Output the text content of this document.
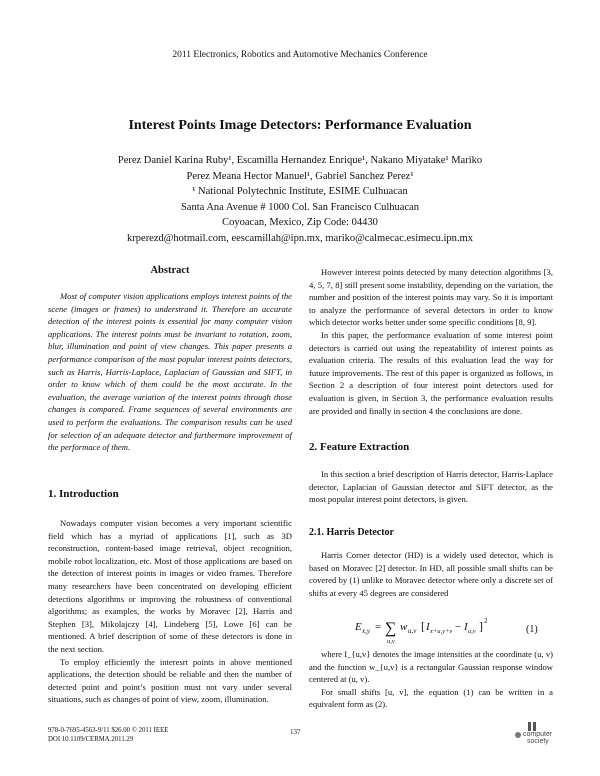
2011 Electronics, Robotics and Automotive Mechanics Conference
Interest Points Image Detectors: Performance Evaluation
Perez Daniel Karina Ruby¹, Escamilla Hernandez Enrique¹, Nakano Miyatake¹ Mariko
Perez Meana Hector Manuel¹, Gabriel Sanchez Perez¹
¹ National Polytechnic Institute, ESIME Culhuacan
Santa Ana Avenue # 1000 Col. San Francisco Culhuacan
Coyoacan, Mexico, Zip Code: 04430
krperezd@hotmail.com, eescamillah@ipn.mx, mariko@calmecac.esimecu.ipn.mx
Abstract

Most of computer vision applications employs interest points of the scene (images or frames) to understrand it. Therefore an accurate detection of the interest points is essential for many computer vision applications. The interest points must be invariant to rotation, zoom, blur, illumination and point of view changes. This paper presents a performance comparison of the most popular interest points detectors, such as Harris, Harris-Laplace, Laplacian of Gaussian and SIFT, in order to know which of them could be the most accurate. In the evaluation, the average variation of the interest points through those changes is compared. Frame sequences of several environments are used to perform the evaluations. The comparison results can be used for selection of an adequate detector and furthermore improvement of the performace of them.

1. Introduction

Nowadays computer vision becomes a very important scientific field which has a myriad of applications [1], such as 3D reconstruction, content-based image retrieval, object recognition, mobile robot localization, etc. Most of those applications are based on the detection of interest points in images or video frames. Therefore many researchers have been concentrated on developing efficient detections algorithms or improving the robustness of conventional algorithms; as examples, the works by Moravec [2], Harris and Stephen [3], Mikolajczy [4], Lindeberg [5], Lowe [6] can be mentioned. A brief description of some of these detectors is done in the next section.

To employ efficiently the interesrt points in above mentioned applications, the detection should be reliable and then the number of detected point and point’s position must not vary under several situations, such as changes of point of view, zoom, illumination.

However interest points detected by many detection algorithms [3, 4, 5, 7, 8] still present some instability, depending on the variation, the number and position of the interest points may vary. So it is important to analyze the performance of several detectors in order to know which detector works better under some specific conditions [8, 9].

In this paper, the performance evaluation of some interest point detectors is carried out using the repeatability of interest points as evaluation criteria. The results of this evaluation lead the way for future improvements. The rest of this paper is organized as follows, in Section 2 a description of four interest point detectors used for evaluation is given, in Section 3, the performance evaluation results are provided and finally in section 4 the conclusions are done.

2. Feature Extraction

In this section a brief description of Harris detector, Harris-Laplace detector, Laplacian of Gaussian detector and SIFT detector, as the most popular interest point detectors, is given.

2.1. Harris Detector

Harris Corner detector (HD) is a widely used detector, which is based on Moravec [2] detector. In HD, all possible small shifts can be covered by (1) unlike to Moravec detector where only a discrete set of shifts at every 45 degrees are considered

E x,y = ∑
u,v
w u,v [ I x+u,y+v − I u,v ] 2
(1)

where I_{u,v} denotes the image intensities at the coordinate (u, v) and the function w_{u,v} is a rectangular Gaussian response window centered at (u, v).

For small shifts [u, v], the equation (1) can be written in a equivalent form as (2).

978-0-7695-4563-9/11 $26.00 © 2011 IEEE
DOI 10.1109/CERMA.2011.29
137	computer
society
